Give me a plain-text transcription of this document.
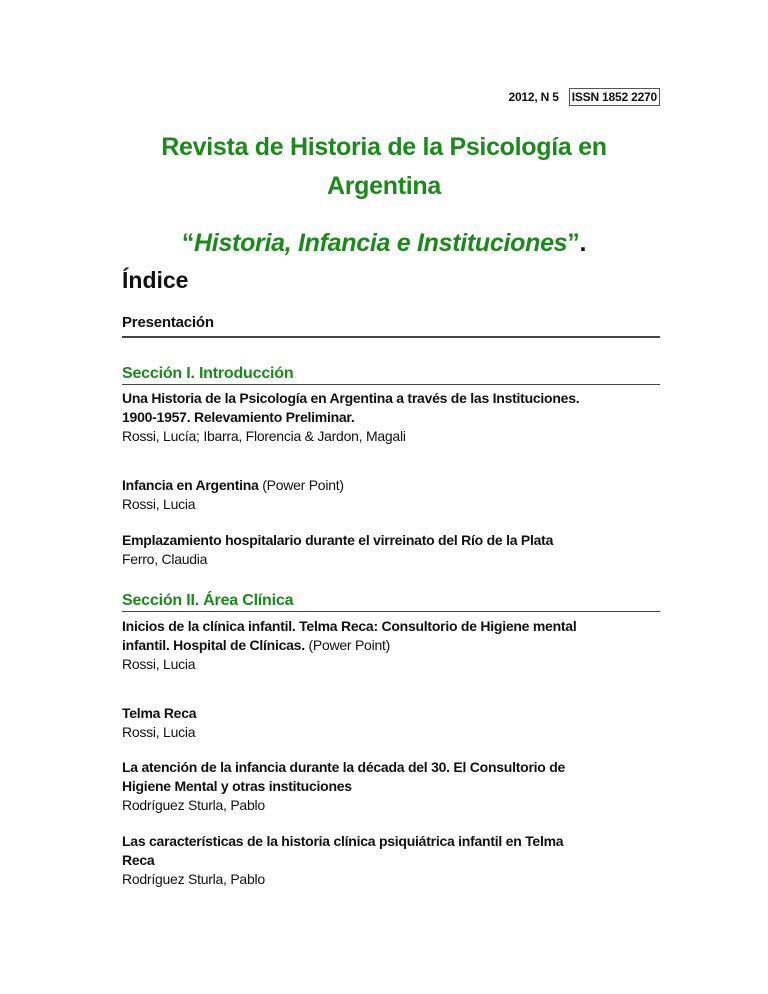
2012, N 5 ISSN 1852 2270
Revista de Historia de la Psicología en
Argentina
“Historia, Infancia e Instituciones”.
Índice
Presentación
Sección I. Introducción
Una Historia de la Psicología en Argentina a través de las Instituciones.
1900-1957. Relevamiento Preliminar.
Rossi, Lucía; Ibarra, Florencia & Jardon, Magali
Infancia en Argentina (Power Point)
Rossi, Lucia
Emplazamiento hospitalario durante el virreinato del Río de la Plata
Ferro, Claudia
Sección II. Área Clínica
Inicios de la clínica infantil. Telma Reca: Consultorio de Higiene mental
infantil. Hospital de Clínicas. (Power Point)
Rossi, Lucia
Telma Reca
Rossi, Lucia
La atención de la infancia durante la década del 30. El Consultorio de
Higiene Mental y otras instituciones
Rodríguez Sturla, Pablo
Las características de la historia clínica psiquiátrica infantil en Telma
Reca
Rodríguez Sturla, Pablo
